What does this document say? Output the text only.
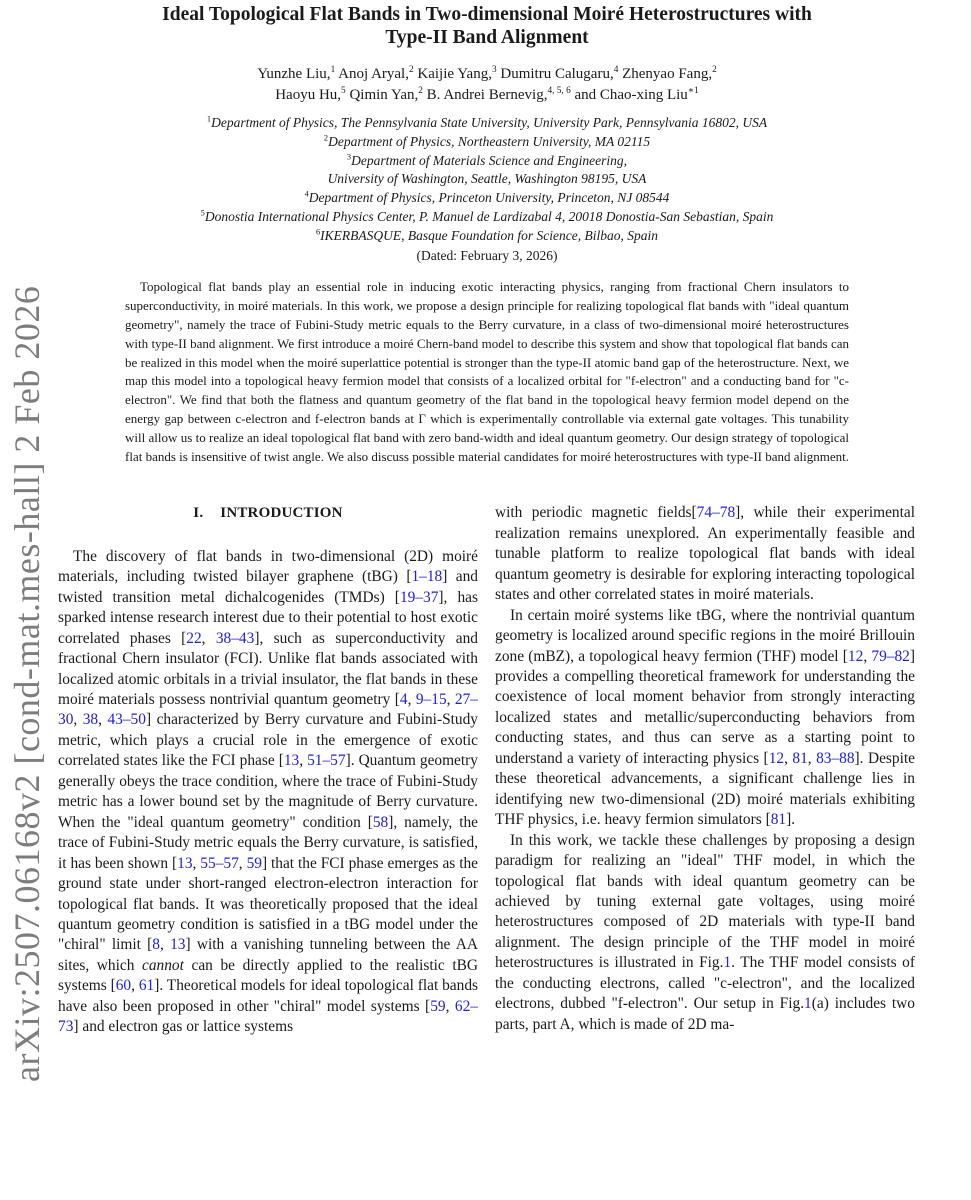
arXiv:2507.06168v2 [cond-mat.mes-hall] 2 Feb 2026
Ideal Topological Flat Bands in Two-dimensional Moiré Heterostructures with
Type-II Band Alignment
Yunzhe Liu,$^1$ Anoj Aryal,$^2$ Kaijie Yang,$^3$ Dumitru Calugaru,$^4$ Zhenyao Fang,$^2$
Haoyu Hu,$^5$ Qimin Yan,$^2$ B. Andrei Bernevig,$^{4, 5, 6}$ and Chao-xing Liu$^{∗1}$
$^1$Department of Physics, The Pennsylvania State University, University Park, Pennsylvania 16802, USA
$^2$Department of Physics, Northeastern University, MA 02115
$^3$Department of Materials Science and Engineering,
University of Washington, Seattle, Washington 98195, USA
$^4$Department of Physics, Princeton University, Princeton, NJ 08544
$^5$Donostia International Physics Center, P. Manuel de Lardizabal 4, 20018 Donostia-San Sebastian, Spain
$^6$IKERBASQUE, Basque Foundation for Science, Bilbao, Spain
(Dated: February 3, 2026)
Topological flat bands play an essential role in inducing exotic interacting physics, ranging from fractional Chern insulators to superconductivity, in moiré materials. In this work, we propose a design principle for realizing topological flat bands with "ideal quantum geometry", namely the trace of Fubini-Study metric equals to the Berry curvature, in a class of two-dimensional moiré heterostructures with type-II band alignment. We first introduce a moiré Chern-band model to describe this system and show that topological flat bands can be realized in this model when the moiré superlattice potential is stronger than the type-II atomic band gap of the heterostructure. Next, we map this model into a topological heavy fermion model that consists of a localized orbital for "f-electron" and a conducting band for "c-electron". We find that both the flatness and quantum geometry of the flat band in the topological heavy fermion model depend on the energy gap between c-electron and f-electron bands at Γ which is experimentally controllable via external gate voltages. This tunability will allow us to realize an ideal topological flat band with zero band-width and ideal quantum geometry. Our design strategy of topological flat bands is insensitive of twist angle. We also discuss possible material candidates for moiré heterostructures with type-II band alignment.
I. INTRODUCTION
The discovery of flat bands in two-dimensional (2D) moiré materials, including twisted bilayer graphene (tBG) [1–18] and twisted transition metal dichalcogenides (TMDs) [19–37], has sparked intense research interest due to their potential to host exotic correlated phases [22, 38–43], such as superconductivity and fractional Chern insulator (FCI). Unlike flat bands associated with localized atomic orbitals in a trivial insulator, the flat bands in these moiré materials possess nontrivial quantum geometry [4, 9–15, 27–30, 38, 43–50] characterized by Berry curvature and Fubini-Study metric, which plays a crucial role in the emergence of exotic correlated states like the FCI phase [13, 51–57]. Quantum geometry generally obeys the trace condition, where the trace of Fubini-Study metric has a lower bound set by the magnitude of Berry curvature. When the "ideal quantum geometry" condition [58], namely, the trace of Fubini-Study metric equals the Berry curvature, is satisfied, it has been shown [13, 55–57, 59] that the FCI phase emerges as the ground state under short-ranged electron-electron interaction for topological flat bands. It was theoretically proposed that the ideal quantum geometry condition is satisfied in a tBG model under the "chiral" limit [8, 13] with a vanishing tunneling between the AA sites, which cannot can be directly applied to the realistic tBG systems [60, 61]. Theoretical models for ideal topological flat bands have also been proposed in other "chiral" model systems [59, 62–73] and electron gas or lattice systems
with periodic magnetic fields[74–78], while their experimental realization remains unexplored. An experimentally feasible and tunable platform to realize topological flat bands with ideal quantum geometry is desirable for exploring interacting topological states and other correlated states in moiré materials.
In certain moiré systems like tBG, where the nontrivial quantum geometry is localized around specific regions in the moiré Brillouin zone (mBZ), a topological heavy fermion (THF) model [12, 79–82] provides a compelling theoretical framework for understanding the coexistence of local moment behavior from strongly interacting localized states and metallic/superconducting behaviors from conducting states, and thus can serve as a starting point to understand a variety of interacting physics [12, 81, 83–88]. Despite these theoretical advancements, a significant challenge lies in identifying new two-dimensional (2D) moiré materials exhibiting THF physics, i.e. heavy fermion simulators [81].
In this work, we tackle these challenges by proposing a design paradigm for realizing an "ideal" THF model, in which the topological flat bands with ideal quantum geometry can be achieved by tuning external gate voltages, using moiré heterostructures composed of 2D materials with type-II band alignment. The design principle of the THF model in moiré heterostructures is illustrated in Fig.1. The THF model consists of the conducting electrons, called "c-electron", and the localized electrons, dubbed "f-electron". Our setup in Fig.1(a) includes two parts, part A, which is made of 2D ma-
